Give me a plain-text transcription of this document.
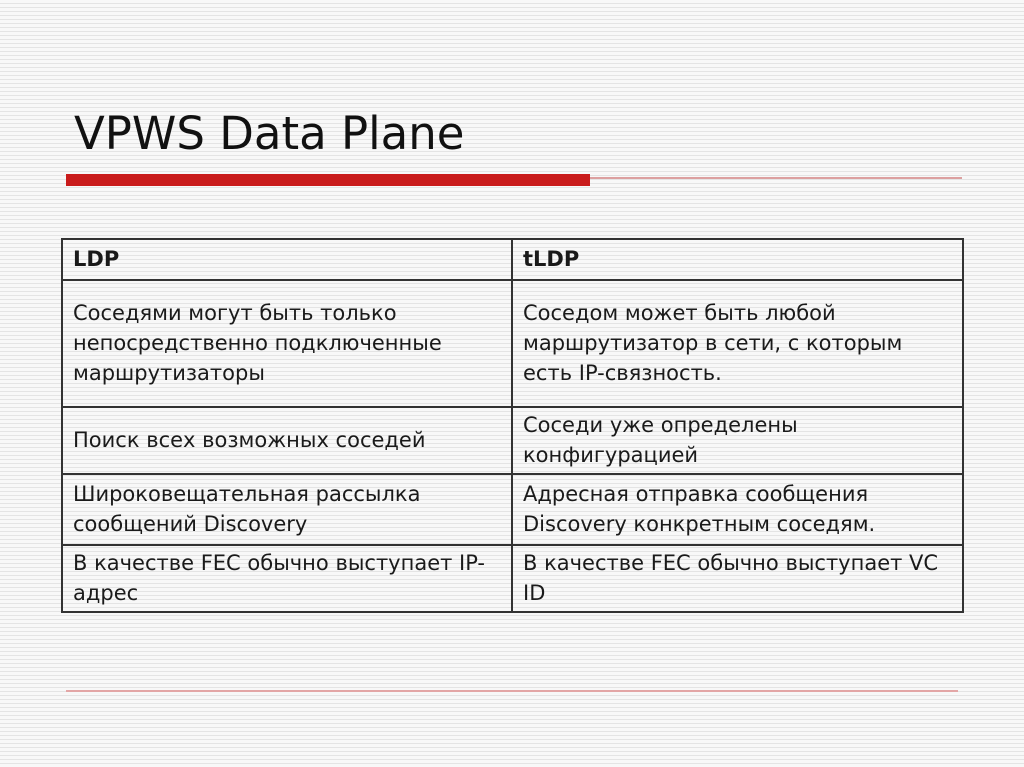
VPWS Data Plane
LDP	tLDP
Соседями могут быть только непосредственно подключенные маршрутизаторы	Соседом может быть любой маршрутизатор в сети, с которым есть IP-связность.
Поиск всех возможных соседей	Соседи уже определены конфигурацией
Широковещательная рассылка сообщений Discovery	Адресная отправка сообщения Discovery конкретным соседям.
В качестве FEC обычно выступает IP-адрес	В качестве FEC обычно выступает VC ID
